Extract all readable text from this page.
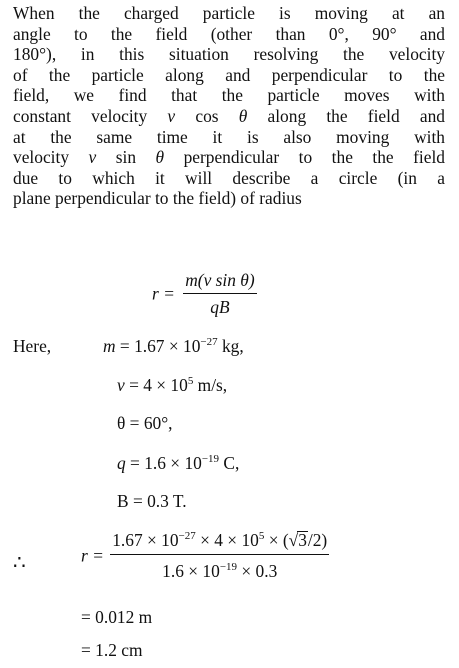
When the charged particle is moving at an
angle to the field (other than 0°, 90° and
180°), in this situation resolving the velocity
of the particle along and perpendicular to the
field, we find that the particle moves with
constant velocity v cos θ along the field and
at the same time it is also moving with
velocity v sin θ perpendicular to the the field
due to which it will describe a circle (in a
plane perpendicular to the field) of radius
$r = \frac{\text{m(v sin θ)}}{qB}$
Here,	$m = 1.67 \times 10^{-27}$ kg,
$v = 4 \times 10^5$ m/s,
θ = 60°,
$q = 1.6 \times 10^{-19}$ C,
B = 0.3 T.
∴	$r = \frac{1.67 \times 10^{-27} \times 4 \times 10^5 \times (√3/2)}{1.6 \times 10^{-19} \times 0.3}$
= 0.012 m
= 1.2 cm
